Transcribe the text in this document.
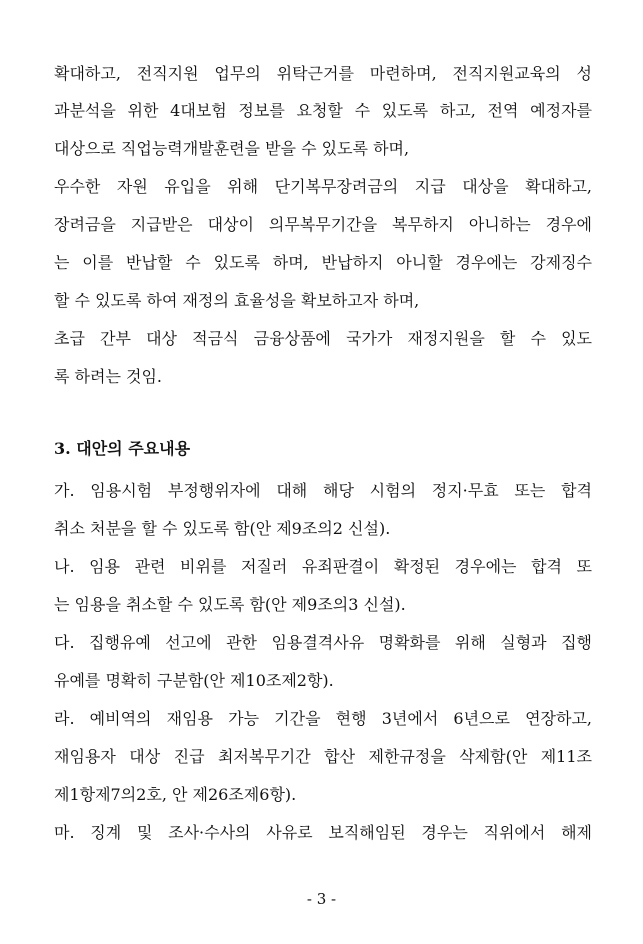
확대하고, 전직지원 업무의 위탁근거를 마련하며, 전직지원교육의 성
과분석을 위한 4대보험 정보를 요청할 수 있도록 하고, 전역 예정자를
대상으로 직업능력개발훈련을 받을 수 있도록 하며,
우수한 자원 유입을 위해 단기복무장려금의 지급 대상을 확대하고,
장려금을 지급받은 대상이 의무복무기간을 복무하지 아니하는 경우에
는 이를 반납할 수 있도록 하며, 반납하지 아니할 경우에는 강제징수
할 수 있도록 하여 재정의 효율성을 확보하고자 하며,
초급 간부 대상 적금식 금융상품에 국가가 재정지원을 할 수 있도
록 하려는 것임.
3. 대안의 주요내용
가. 임용시험 부정행위자에 대해 해당 시험의 정지·무효 또는 합격
취소 처분을 할 수 있도록 함(안 제9조의2 신설).
나. 임용 관련 비위를 저질러 유죄판결이 확정된 경우에는 합격 또
는 임용을 취소할 수 있도록 함(안 제9조의3 신설).
다. 집행유예 선고에 관한 임용결격사유 명확화를 위해 실형과 집행
유예를 명확히 구분함(안 제10조제2항).
라. 예비역의 재임용 가능 기간을 현행 3년에서 6년으로 연장하고,
재임용자 대상 진급 최저복무기간 합산 제한규정을 삭제함(안 제11조
제1항제7의2호, 안 제26조제6항).
마. 징계 및 조사·수사의 사유로 보직해임된 경우는 직위에서 해제
- 3 -
